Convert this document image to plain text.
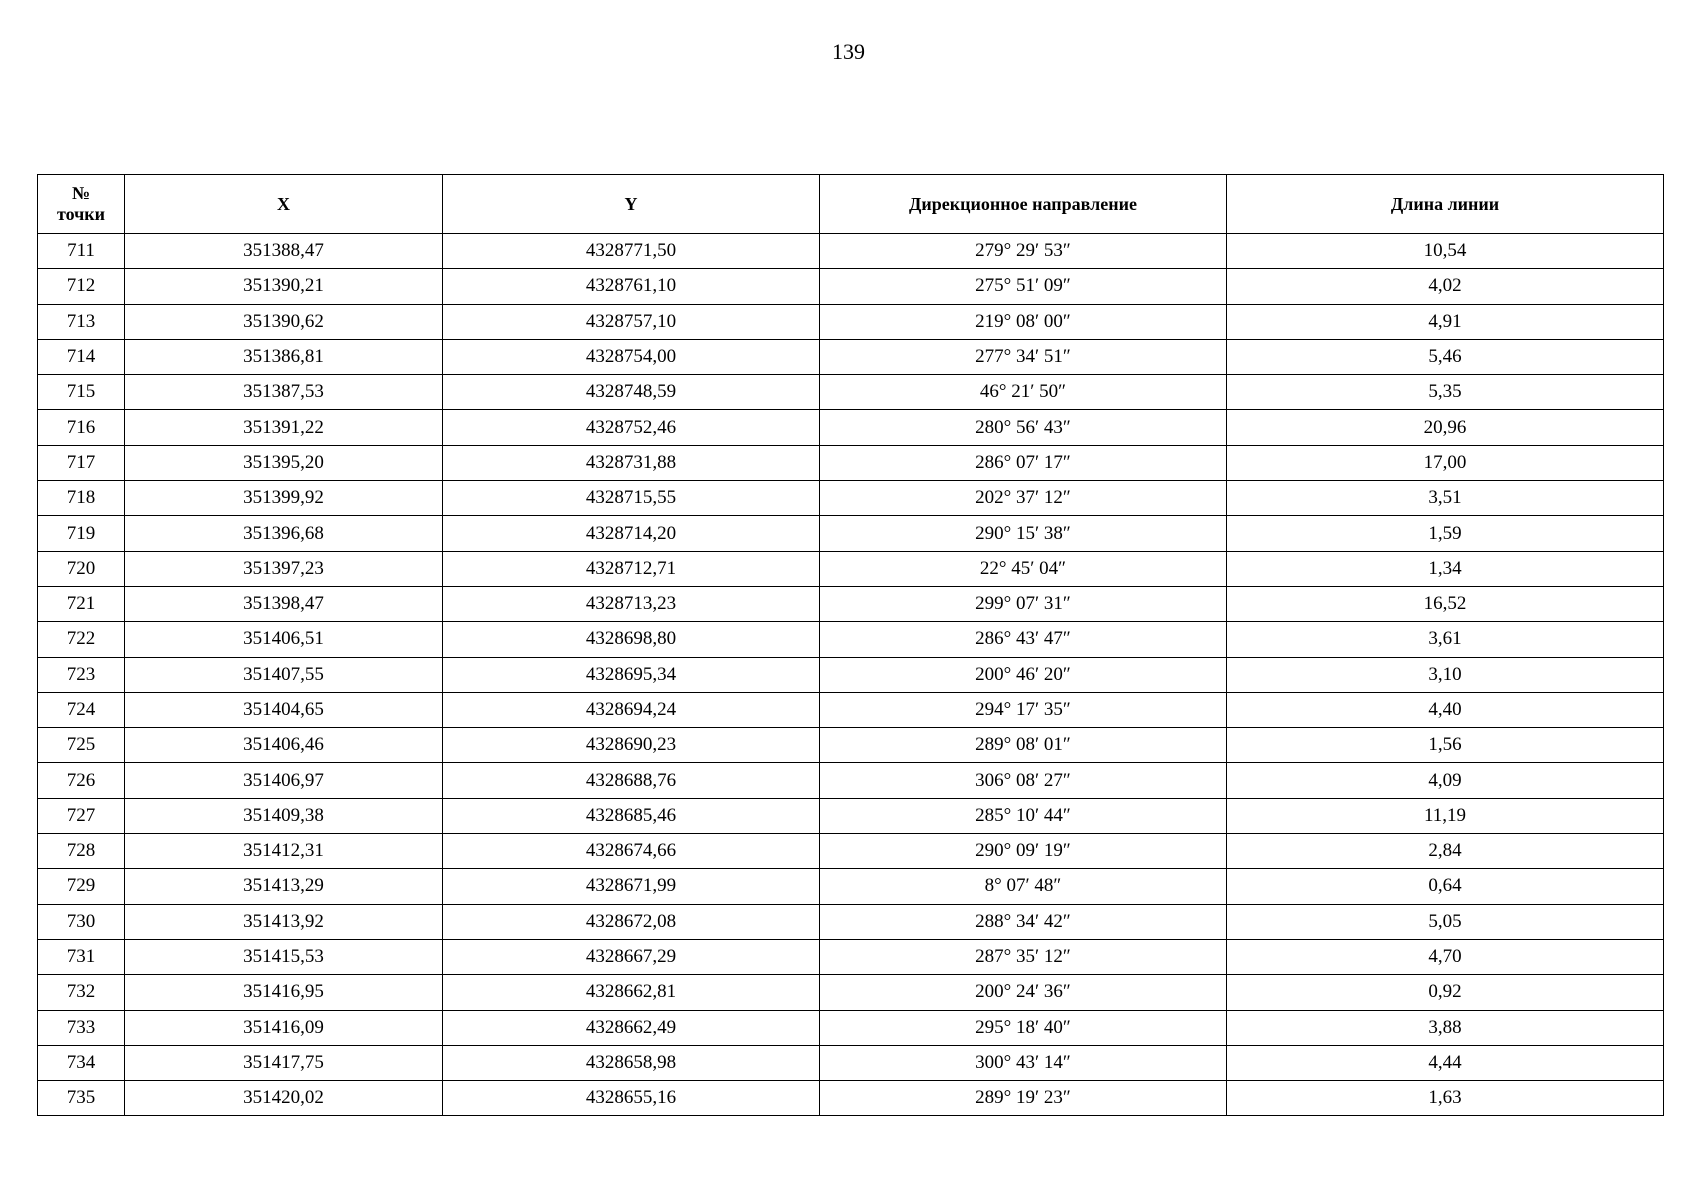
139
№
точки	X	Y	Дирекционное направление	Длина линии
711	351388,47	4328771,50	279° 29′ 53″	10,54
712	351390,21	4328761,10	275° 51′ 09″	4,02
713	351390,62	4328757,10	219° 08′ 00″	4,91
714	351386,81	4328754,00	277° 34′ 51″	5,46
715	351387,53	4328748,59	46° 21′ 50″	5,35
716	351391,22	4328752,46	280° 56′ 43″	20,96
717	351395,20	4328731,88	286° 07′ 17″	17,00
718	351399,92	4328715,55	202° 37′ 12″	3,51
719	351396,68	4328714,20	290° 15′ 38″	1,59
720	351397,23	4328712,71	22° 45′ 04″	1,34
721	351398,47	4328713,23	299° 07′ 31″	16,52
722	351406,51	4328698,80	286° 43′ 47″	3,61
723	351407,55	4328695,34	200° 46′ 20″	3,10
724	351404,65	4328694,24	294° 17′ 35″	4,40
725	351406,46	4328690,23	289° 08′ 01″	1,56
726	351406,97	4328688,76	306° 08′ 27″	4,09
727	351409,38	4328685,46	285° 10′ 44″	11,19
728	351412,31	4328674,66	290° 09′ 19″	2,84
729	351413,29	4328671,99	8° 07′ 48″	0,64
730	351413,92	4328672,08	288° 34′ 42″	5,05
731	351415,53	4328667,29	287° 35′ 12″	4,70
732	351416,95	4328662,81	200° 24′ 36″	0,92
733	351416,09	4328662,49	295° 18′ 40″	3,88
734	351417,75	4328658,98	300° 43′ 14″	4,44
735	351420,02	4328655,16	289° 19′ 23″	1,63
